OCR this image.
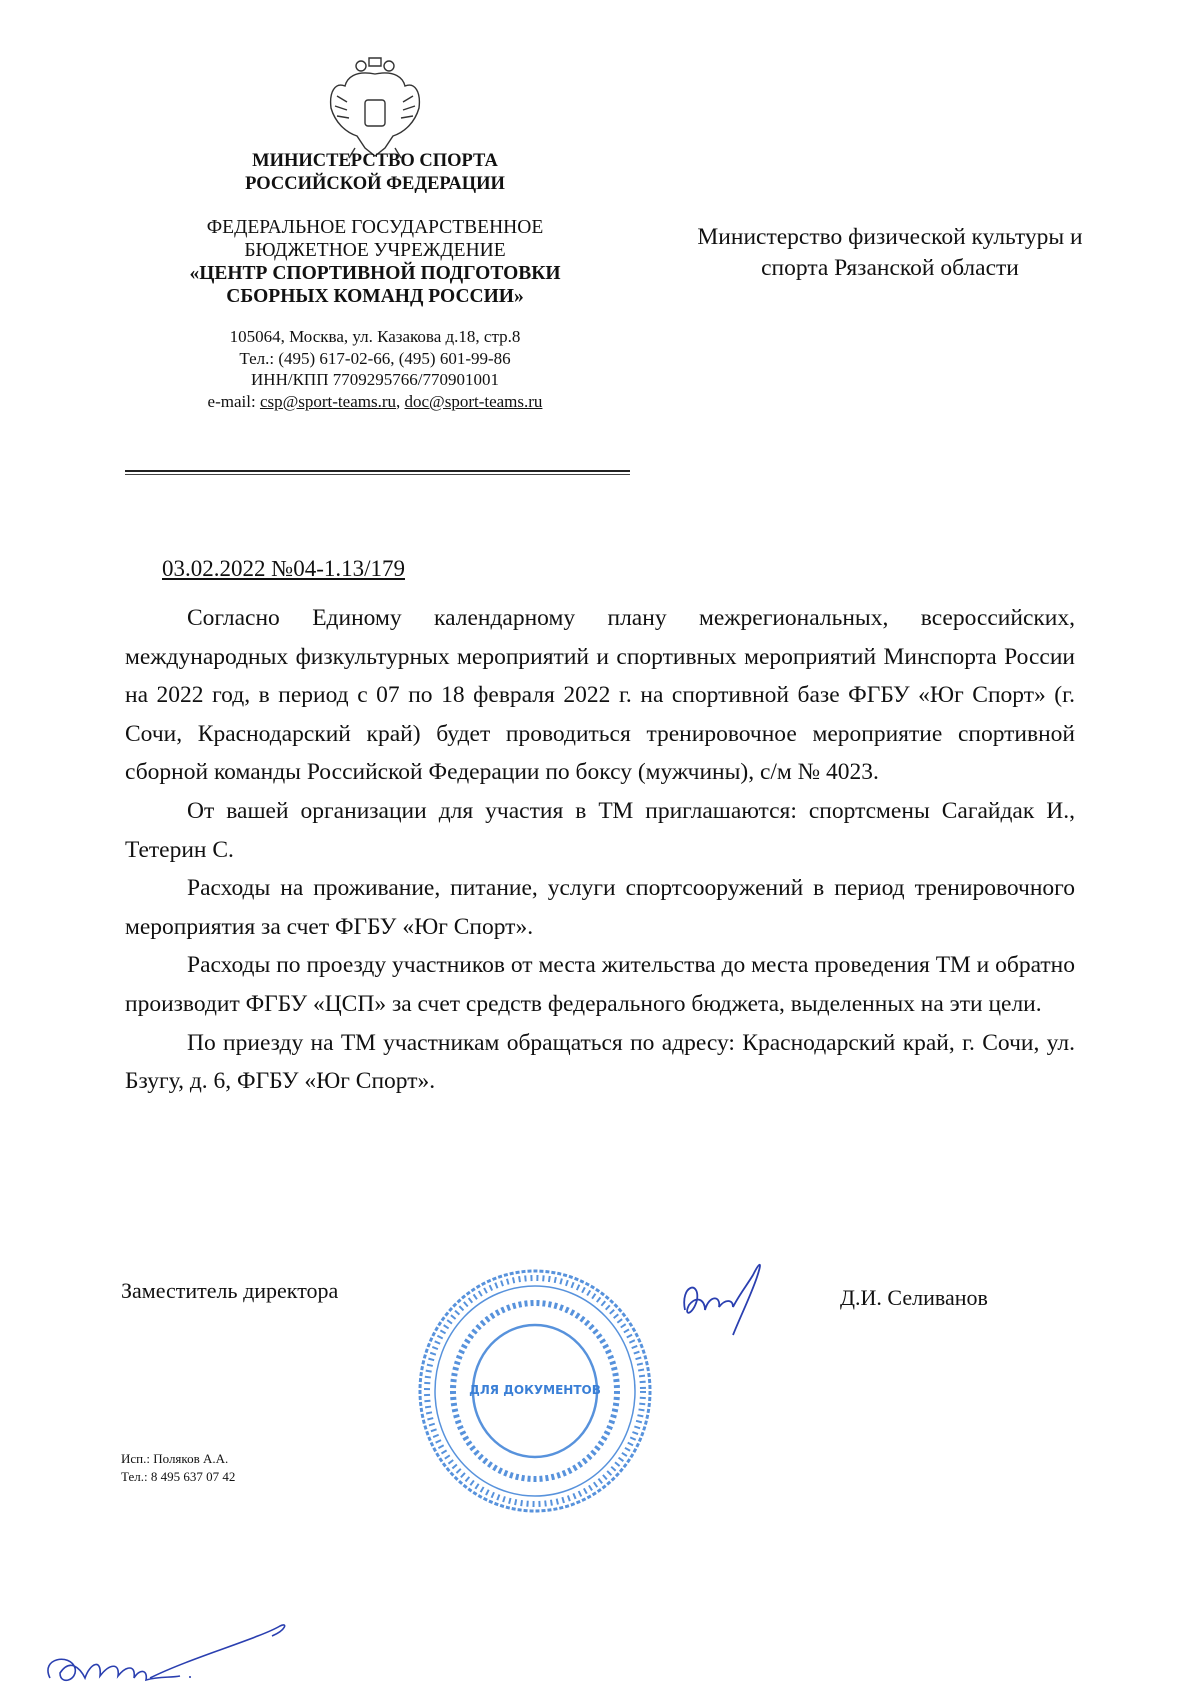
МИНИСТЕРСТВО СПОРТА
РОССИЙСКОЙ ФЕДЕРАЦИИ
ФЕДЕРАЛЬНОЕ ГОСУДАРСТВЕННОЕ
БЮДЖЕТНОЕ УЧРЕЖДЕНИЕ
«ЦЕНТР СПОРТИВНОЙ ПОДГОТОВКИ
СБОРНЫХ КОМАНД РОССИИ»
105064, Москва, ул. Казакова д.18, стр.8
Тел.: (495) 617-02-66, (495) 601-99-86
ИНН/КПП 7709295766/770901001
e-mail: csp@sport-teams.ru, doc@sport-teams.ru
Министерство физической культуры и
спорта Рязанской области
03.02.2022 №04-1.13/179

Согласно Единому календарному плану межрегиональных, всероссийских, международных физкультурных мероприятий и спортивных мероприятий Минспорта России на 2022 год, в период с 07 по 18 февраля 2022 г. на спортивной базе ФГБУ «Юг Спорт» (г. Сочи, Краснодарский край) будет проводиться тренировочное мероприятие спортивной сборной команды Российской Федерации по боксу (мужчины), с/м № 4023.

От вашей организации для участия в ТМ приглашаются: спортсмены Сагайдак И., Тетерин С.

Расходы на проживание, питание, услуги спортсооружений в период тренировочного мероприятия за счет ФГБУ «Юг Спорт».

Расходы по проезду участников от места жительства до места проведения ТМ и обратно производит ФГБУ «ЦСП» за счет средств федерального бюджета, выделенных на эти цели.

По приезду на ТМ участникам обращаться по адресу: Краснодарский край, г. Сочи, ул. Бзугу, д. 6, ФГБУ «Юг Спорт».

Заместитель директора
ДЛЯ ДОКУМЕНТОВ
Д.И. Селиванов
Исп.: Поляков А.А.
Тел.: 8 495 637 07 42
